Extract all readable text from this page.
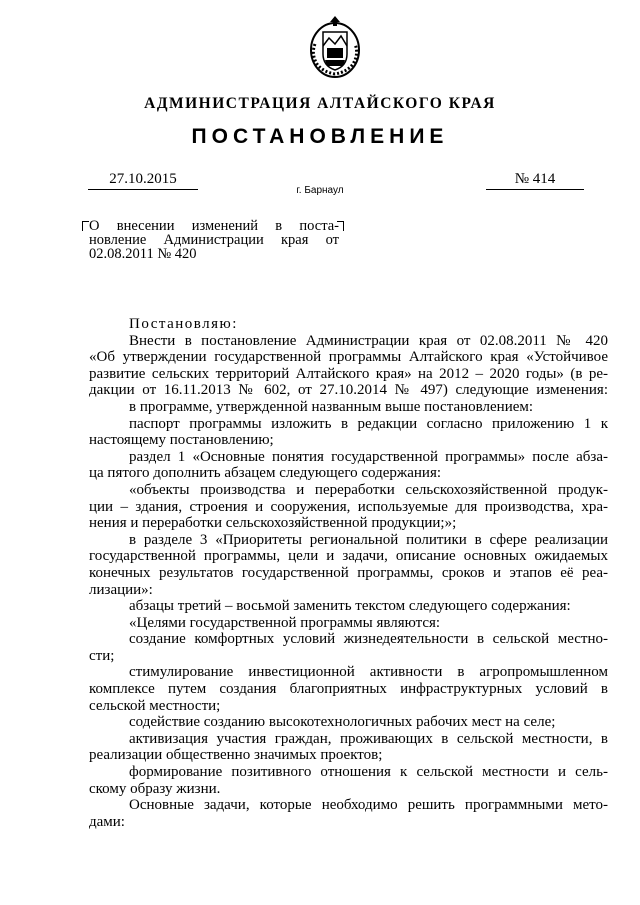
АДМИНИСТРАЦИЯ АЛТАЙСКОГО КРАЯ
ПОСТАНОВЛЕНИЕ
27.10.2015	№ 414
г. Барнаул
О внесении изменений в поста-
новление Администрации края от
02.08.2011 № 420
Постановляю:
Внести в постановление Администрации края от 02.08.2011 № 420
«Об утверждении государственной программы Алтайского края «Устойчивое
развитие сельских территорий Алтайского края» на 2012 – 2020 годы» (в ре-
дакции от 16.11.2013 № 602, от 27.10.2014 № 497) следующие изменения:
в программе, утвержденной названным выше постановлением:
паспорт программы изложить в редакции согласно приложению 1 к
настоящему постановлению;
раздел 1 «Основные понятия государственной программы» после абза-
ца пятого дополнить абзацем следующего содержания:
«объекты производства и переработки сельскохозяйственной продук-
ции – здания, строения и сооружения, используемые для производства, хра-
нения и переработки сельскохозяйственной продукции;»;
в разделе 3 «Приоритеты региональной политики в сфере реализации
государственной программы, цели и задачи, описание основных ожидаемых
конечных результатов государственной программы, сроков и этапов её реа-
лизации»:
абзацы третий – восьмой заменить текстом следующего содержания:
«Целями государственной программы являются:
создание комфортных условий жизнедеятельности в сельской местно-
сти;
стимулирование инвестиционной активности в агропромышленном
комплексе путем создания благоприятных инфраструктурных условий в
сельской местности;
содействие созданию высокотехнологичных рабочих мест на селе;
активизация участия граждан, проживающих в сельской местности, в
реализации общественно значимых проектов;
формирование позитивного отношения к сельской местности и сель-
скому образу жизни.
Основные задачи, которые необходимо решить программными мето-
дами:
